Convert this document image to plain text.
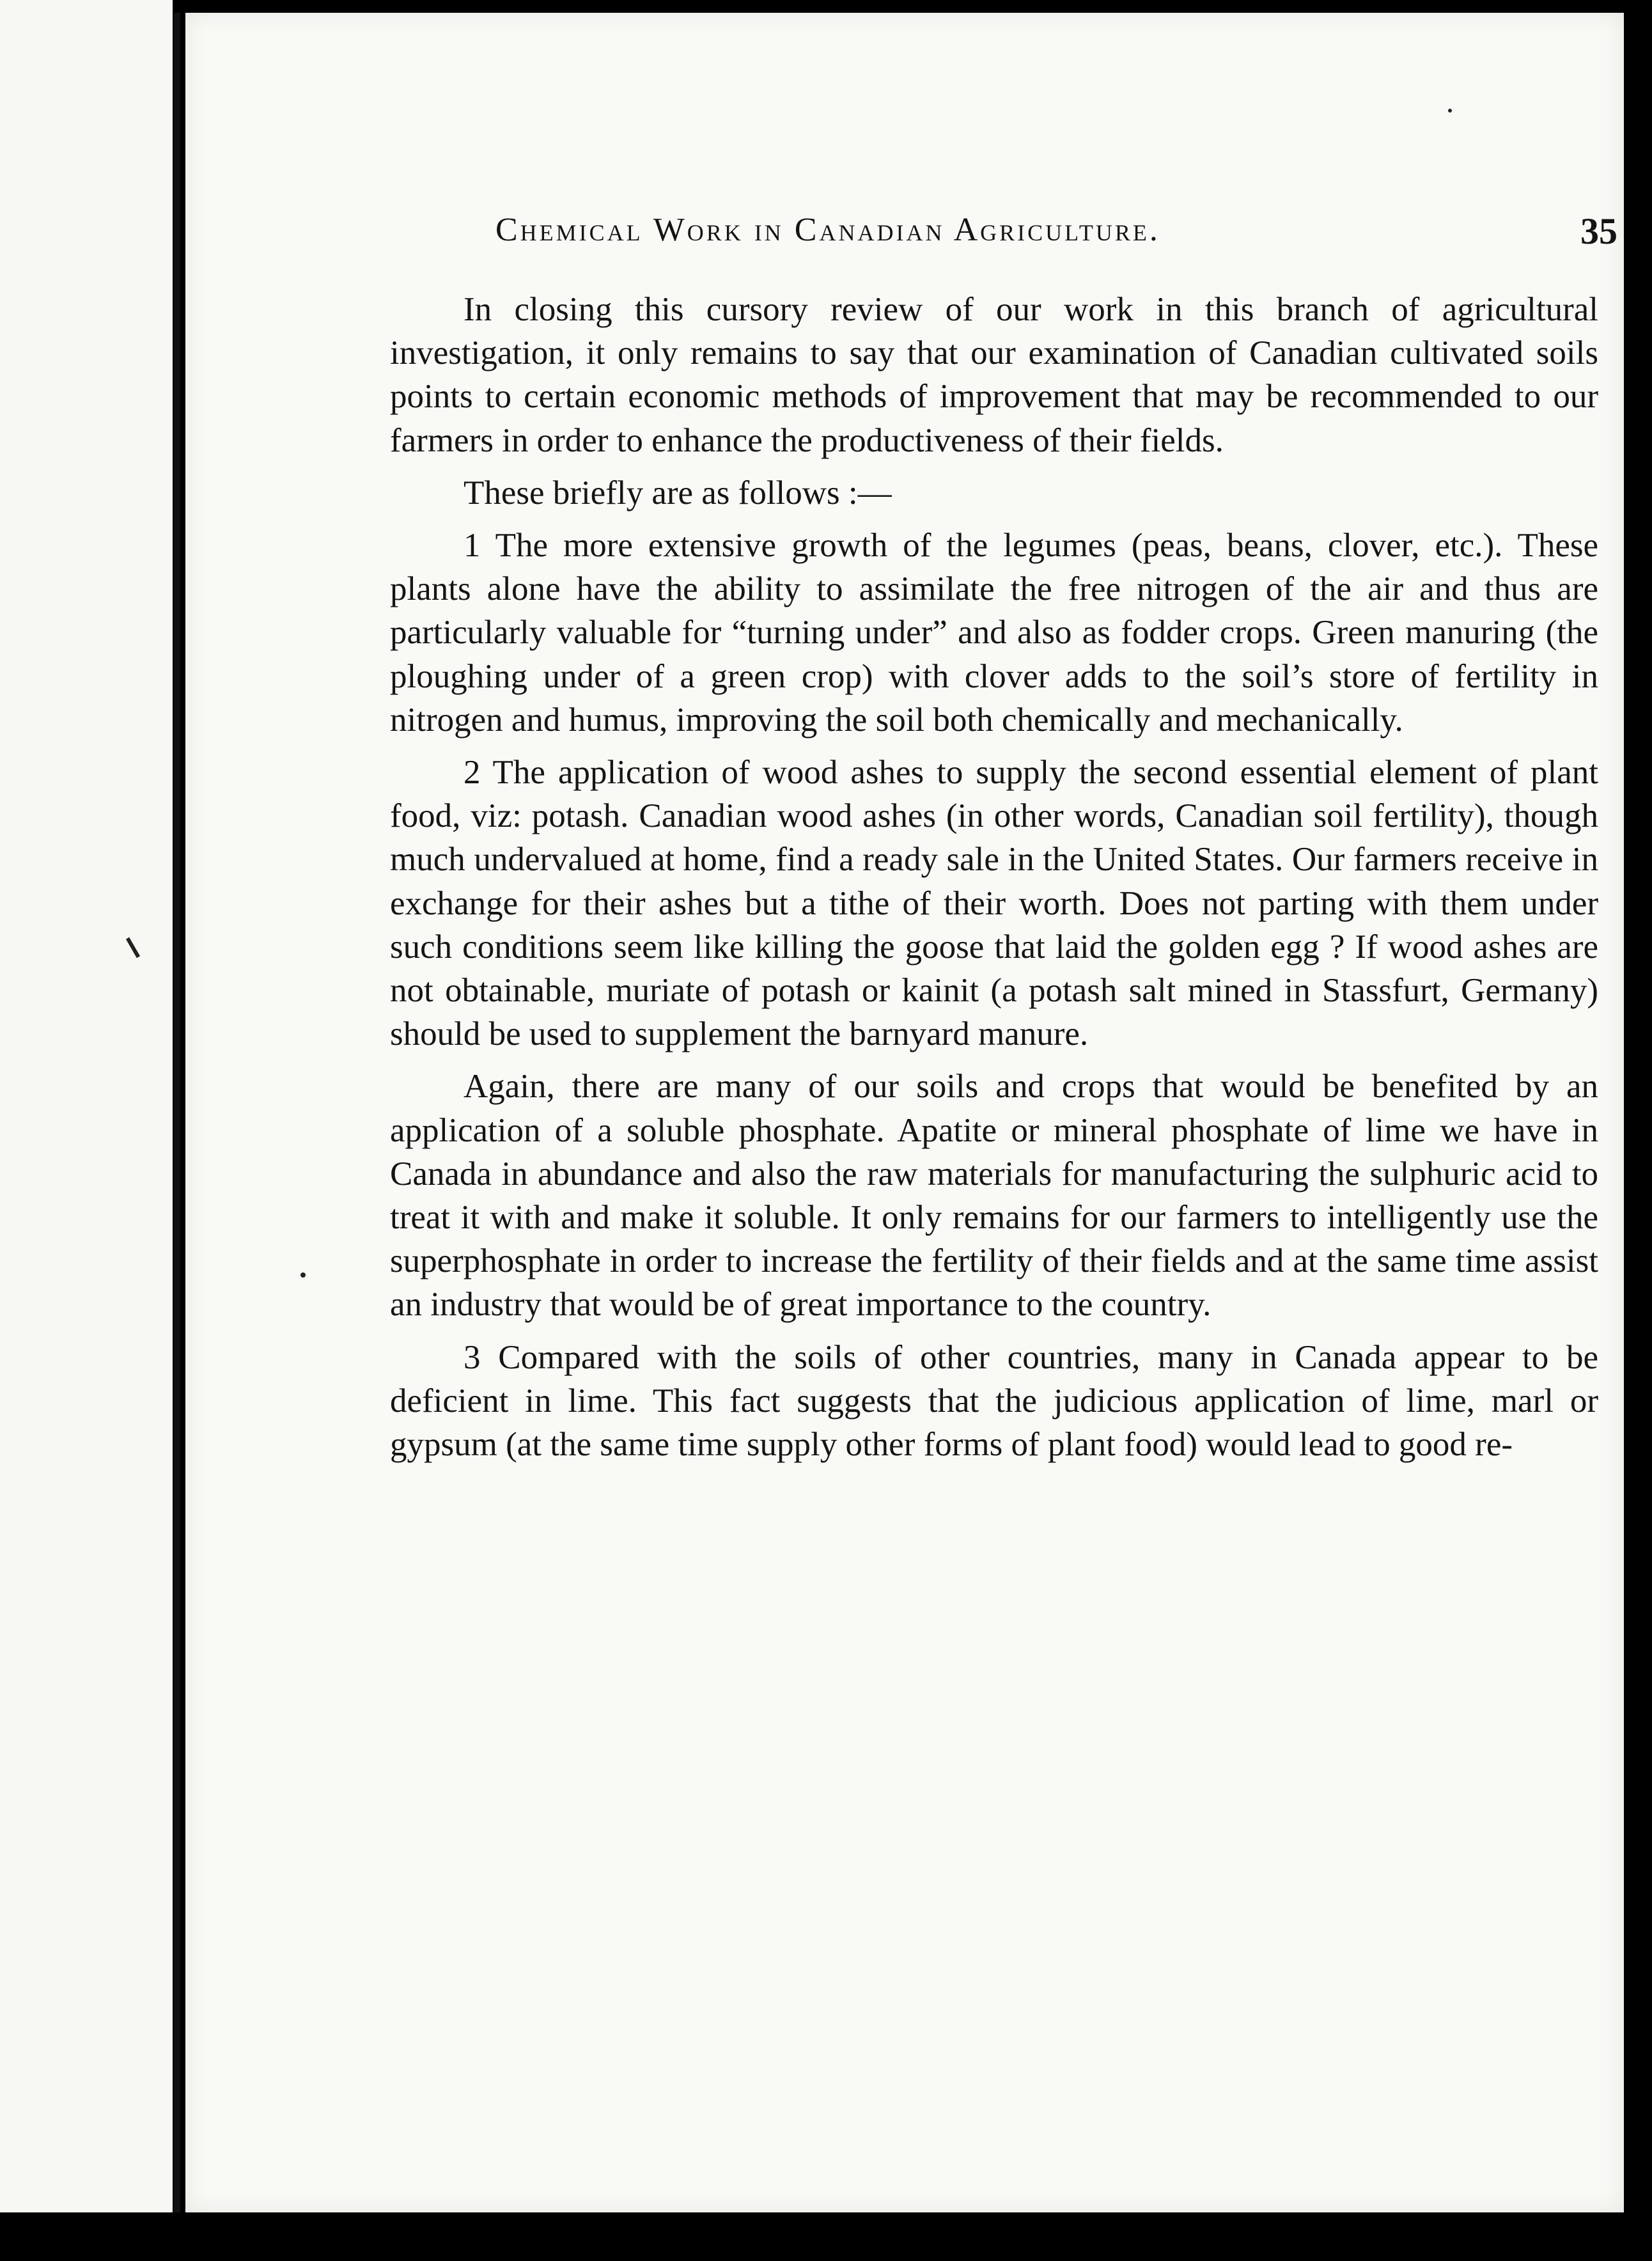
Chemical Work in Canadian Agriculture.	35

In closing this cursory review of our work in this branch of agricultural investigation, it only remains to say that our examination of Canadian cultivated soils points to certain economic methods of improvement that may be recommended to our farmers in order to enhance the productiveness of their fields.

These briefly are as follows :—

1 The more extensive growth of the legumes (peas, beans, clover, etc.). These plants alone have the ability to assimilate the free nitrogen of the air and thus are particularly valuable for “turning under” and also as fodder crops. Green manuring (the ploughing under of a green crop) with clover adds to the soil’s store of fertility in nitrogen and humus, improving the soil both chemically and mechanically.

2 The application of wood ashes to supply the second essential element of plant food, viz: potash. Canadian wood ashes (in other words, Canadian soil fertility), though much undervalued at home, find a ready sale in the United States. Our farmers receive in exchange for their ashes but a tithe of their worth. Does not parting with them under such conditions seem like killing the goose that laid the golden egg ? If wood ashes are not obtainable, muriate of potash or kainit (a potash salt mined in Stassfurt, Germany) should be used to supplement the barnyard manure.

Again, there are many of our soils and crops that would be benefited by an application of a soluble phosphate. Apatite or mineral phosphate of lime we have in Canada in abundance and also the raw materials for manufacturing the sulphuric acid to treat it with and make it soluble. It only remains for our farmers to intelligently use the superphosphate in order to increase the fertility of their fields and at the same time assist an industry that would be of great importance to the country.

3 Compared with the soils of other countries, many in Canada appear to be deficient in lime. This fact suggests that the judicious application of lime, marl or gypsum (at the same time supply other forms of plant food) would lead to good re-
